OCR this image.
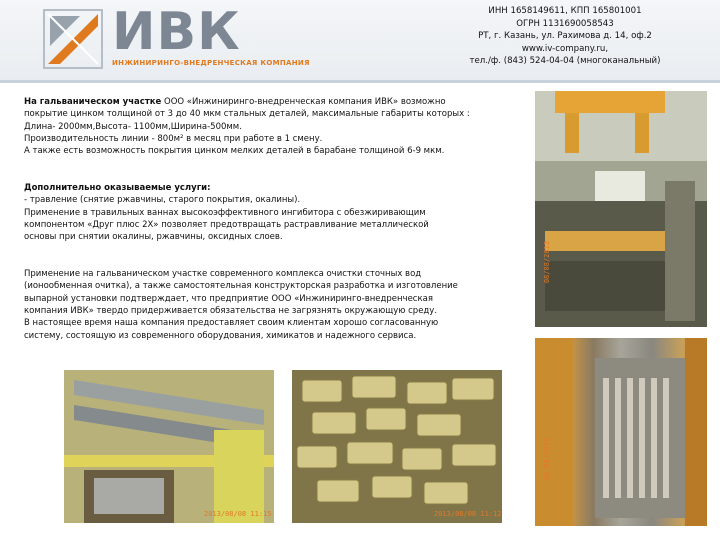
ИВК
ИНЖИНИРИНГО-ВНЕДРЕНЧЕСКАЯ КОМПАНИЯ
ИНН 1658149611, КПП 165801001
ОГРН 1131690058543
РТ, г. Казань, ул. Рахимова д. 14, оф.2
www.iv-company.ru,
тел./ф. (843) 524-04-04 (многоканальный)

На гальваническом участке ООО «Инжиниринго-внедренческая компания ИВК» возможно

покрытие цинком толщиной от 3 до 40 мкм стальных деталей, максимальные габариты которых :

Длина- 2000мм,Высота- 1100мм,Ширина-500мм.

Производительность линии - 800м² в месяц при работе в 1 смену.

А также есть возможность покрытия цинком мелких деталей в барабане толщиной 6-9 мкм.

Дополнительно оказываемые услуги:

- травление (снятие ржавчины, старого покрытия, окалины).

Применение в травильных ваннах высокоэффективного ингибитора с обезжиривающим

компонентом «Друг плюс 2Х» позволяет предотвращать растравливание металлической

основы при снятии окалины, ржавчины, оксидных слоев.

Применение на гальваническом участке современного комплекса очистки сточных вод

(ионообменная очитка), а также самостоятельная конструкторская разработка и изготовление

выпарной установки подтверждает, что предприятие ООО «Инжиниринго-внедренческая

компания ИВК» твердо придерживается обязательства не загрязнять окружающую среду.

В настоящее время наша компания предоставляет своим клиентам хорошо согласованную

систему, состоящую из современного оборудования, химикатов и надежного сервиса.

08/08/2013
08/08/2013
2013/08/08 11:15	2013/08/08 11:12
